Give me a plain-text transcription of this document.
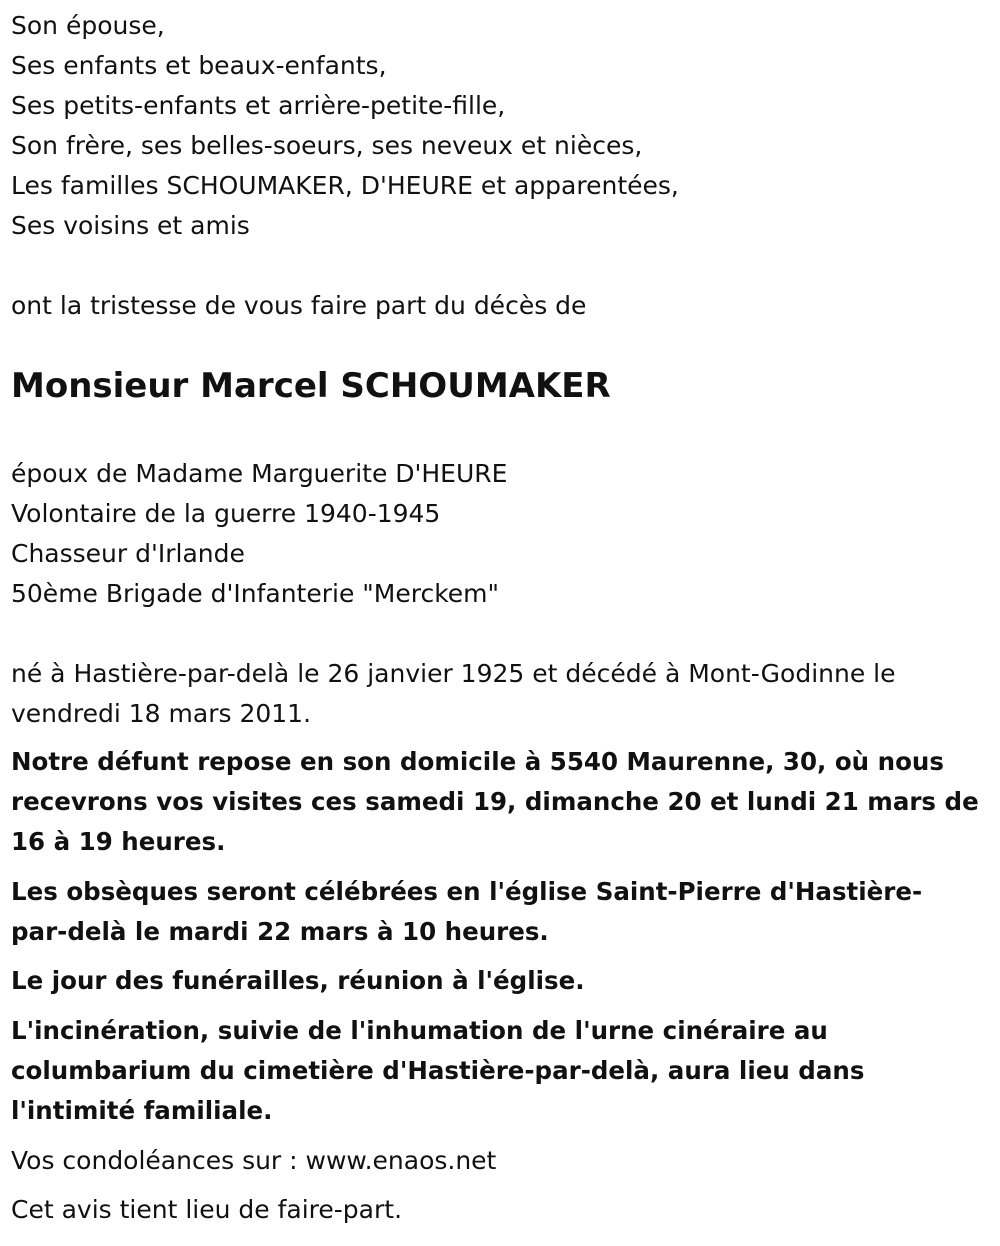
Son épouse,
Ses enfants et beaux-enfants,
Ses petits-enfants et arrière-petite-fille,
Son frère, ses belles-soeurs, ses neveux et nièces,
Les familles SCHOUMAKER, D'HEURE et apparentées,
Ses voisins et amis
ont la tristesse de vous faire part du décès de
Monsieur Marcel SCHOUMAKER
époux de Madame Marguerite D'HEURE
Volontaire de la guerre 1940-1945
Chasseur d'Irlande
50ème Brigade d'Infanterie "Merckem"
né à Hastière-par-delà le 26 janvier 1925 et décédé à Mont-Godinne le vendredi 18 mars 2011.
Notre défunt repose en son domicile à 5540 Maurenne, 30, où nous recevrons vos visites ces samedi 19, dimanche 20 et lundi 21 mars de 16 à 19 heures.
Les obsèques seront célébrées en l'église Saint-Pierre d'Hastière-par-delà le mardi 22 mars à 10 heures.
Le jour des funérailles, réunion à l'église.
L'incinération, suivie de l'inhumation de l'urne cinéraire au columbarium du cimetière d'Hastière-par-delà, aura lieu dans l'intimité familiale.
Vos condoléances sur : www.enaos.net
Cet avis tient lieu de faire-part.
